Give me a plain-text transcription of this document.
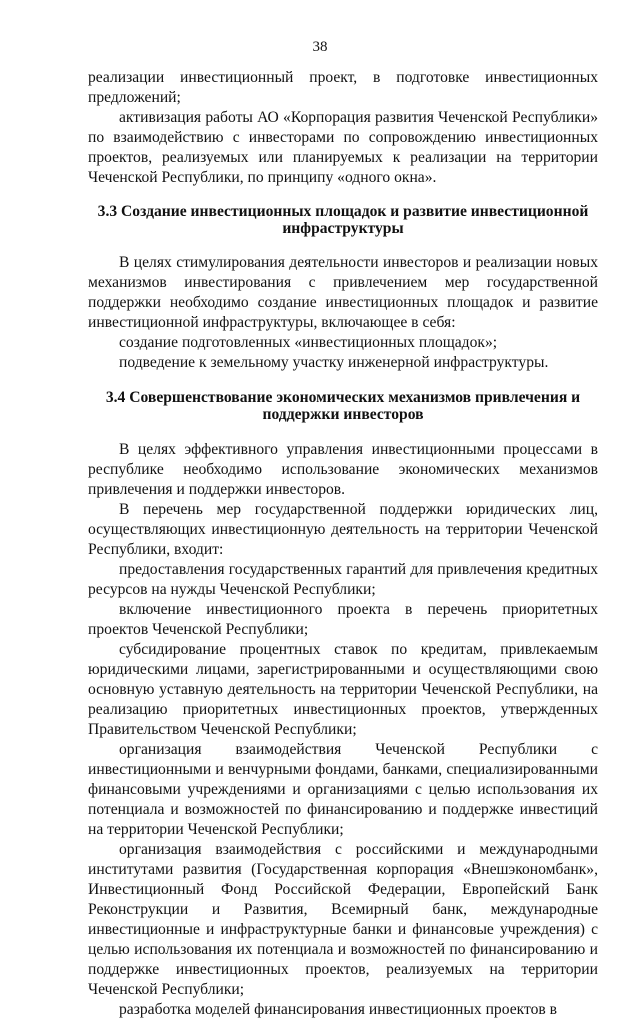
38

реализации инвестиционный проект, в подготовке инвестиционных предложений;

активизация работы АО «Корпорация развития Чеченской Республики» по взаимодействию с инвесторами по сопровождению инвестиционных проектов, реализуемых или планируемых к реализации на территории Чеченской Республики, по принципу «одного окна».

3.3 Создание инвестиционных площадок и развитие инвестиционной инфраструктуры

В целях стимулирования деятельности инвесторов и реализации новых механизмов инвестирования с привлечением мер государственной поддержки необходимо создание инвестиционных площадок и развитие инвестиционной инфраструктуры, включающее в себя:

создание подготовленных «инвестиционных площадок»;

подведение к земельному участку инженерной инфраструктуры.

3.4 Совершенствование экономических механизмов привлечения и поддержки инвесторов

В целях эффективного управления инвестиционными процессами в республике необходимо использование экономических механизмов привлечения и поддержки инвесторов.

В перечень мер государственной поддержки юридических лиц, осуществляющих инвестиционную деятельность на территории Чеченской Республики, входит:

предоставления государственных гарантий для привлечения кредитных ресурсов на нужды Чеченской Республики;

включение инвестиционного проекта в перечень приоритетных проектов Чеченской Республики;

субсидирование процентных ставок по кредитам, привлекаемым юридическими лицами, зарегистрированными и осуществляющими свою основную уставную деятельность на территории Чеченской Республики, на реализацию приоритетных инвестиционных проектов, утвержденных Правительством Чеченской Республики;

организация взаимодействия Чеченской Республики с инвестиционными и венчурными фондами, банками, специализированными финансовыми учреждениями и организациями с целью использования их потенциала и возможностей по финансированию и поддержке инвестиций на территории Чеченской Республики;

организация взаимодействия с российскими и международными институтами развития (Государственная корпорация «Внешэкономбанк», Инвестиционный Фонд Российской Федерации, Европейский Банк Реконструкции и Развития, Всемирный банк, международные инвестиционные и инфраструктурные банки и финансовые учреждения) с целью использования их потенциала и возможностей по финансированию и поддержке инвестиционных проектов, реализуемых на территории Чеченской Республики;

разработка моделей финансирования инвестиционных проектов в
